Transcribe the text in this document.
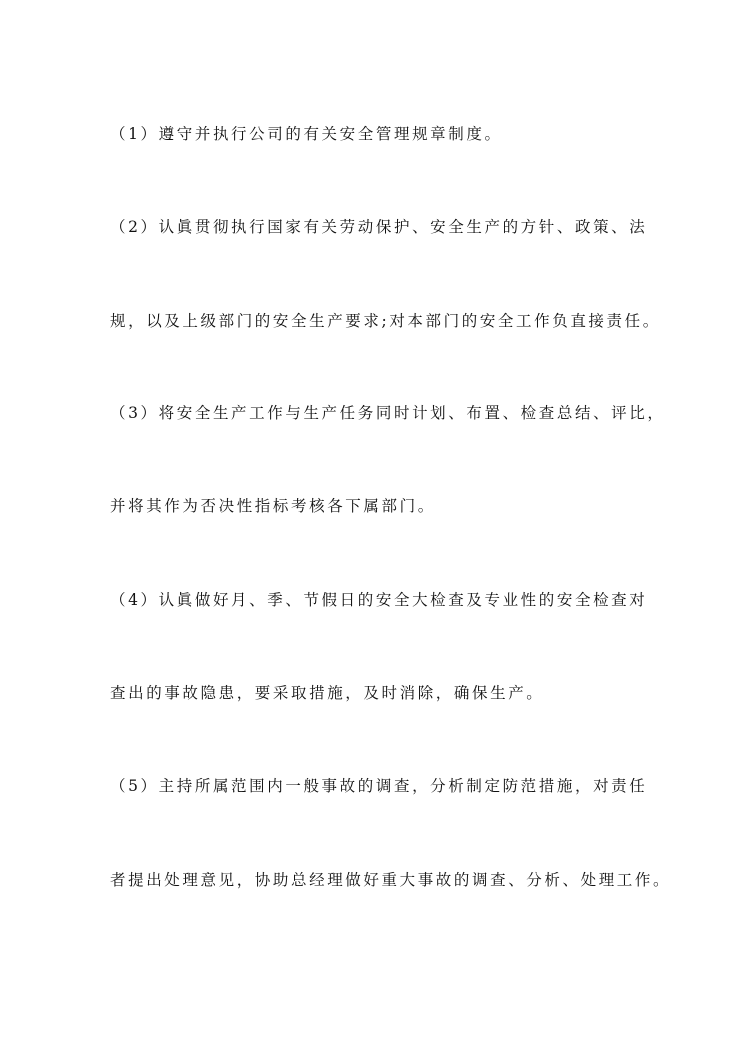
（1）遵守并执行公司的有关安全管理规章制度。

（2）认眞贯彻执行国家有关劳动保护、安全生产的方针、政策、法

规，以及上级部门的安全生产要求;对本部门的安全工作负直接责任。

（3）将安全生产工作与生产任务同时计划、布置、检查总结、评比，

并将其作为否决性指标考核各下属部门。

（4）认眞做好月、季、节假日的安全大检查及专业性的安全检查对

查出的事故隐患，要采取措施，及时消除，确保生产。

（5）主持所属范围内一般事故的调查，分析制定防范措施，对责任

者提出处理意见，协助总经理做好重大事故的调查、分析、处理工作。
